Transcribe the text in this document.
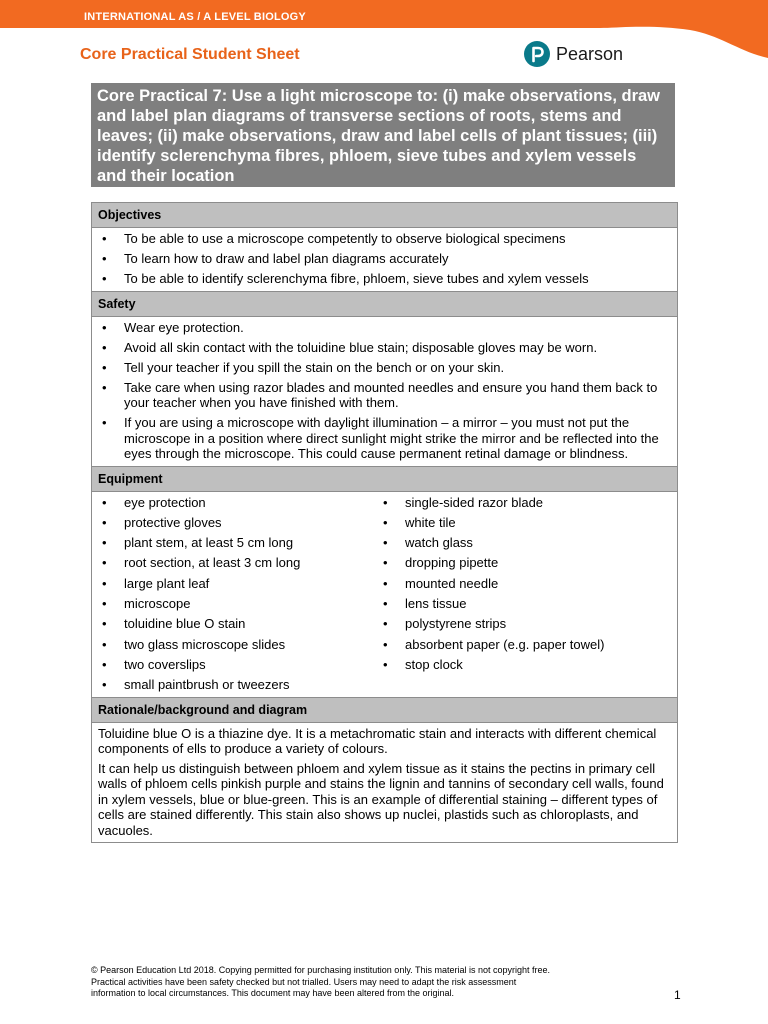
INTERNATIONAL AS / A LEVEL BIOLOGY
Core Practical Student Sheet	Pearson
Core Practical 7: Use a light microscope to: (i) make observations, draw and label plan diagrams of transverse sections of roots, stems and leaves; (ii) make observations, draw and label cells of plant tissues; (iii) identify sclerenchyma fibres, phloem, sieve tubes and xylem vessels and their location
Objectives
• To be able to use a microscope competently to observe biological specimens
• To learn how to draw and label plan diagrams accurately
• To be able to identify sclerenchyma fibre, phloem, sieve tubes and xylem vessels
Safety
• Wear eye protection.
• Avoid all skin contact with the toluidine blue stain; disposable gloves may be worn.
• Tell your teacher if you spill the stain on the bench or on your skin.
• Take care when using razor blades and mounted needles and ensure you hand them back to your teacher when you have finished with them.
• If you are using a microscope with daylight illumination – a mirror – you must not put the microscope in a position where direct sunlight might strike the mirror and be reflected into the eyes through the microscope. This could cause permanent retinal damage or blindness.
Equipment
• eye protection
• protective gloves
• plant stem, at least 5 cm long
• root section, at least 3 cm long
• large plant leaf
• microscope
• toluidine blue O stain
• two glass microscope slides
• two coverslips
• small paintbrush or tweezers
• single-sided razor blade
• white tile
• watch glass
• dropping pipette
• mounted needle
• lens tissue
• polystyrene strips
• absorbent paper (e.g. paper towel)
• stop clock
Rationale/background and diagram

Toluidine blue O is a thiazine dye. It is a metachromatic stain and interacts with different chemical components of ells to produce a variety of colours.

It can help us distinguish between phloem and xylem tissue as it stains the pectins in primary cell walls of phloem cells pinkish purple and stains the lignin and tannins of secondary cell walls, found in xylem vessels, blue or blue-green. This is an example of differential staining – different types of cells are stained differently. This stain also shows up nuclei, plastids such as chloroplasts, and vacuoles.

© Pearson Education Ltd 2018. Copying permitted for purchasing institution only. This material is not copyright free.
Practical activities have been safety checked but not trialled. Users may need to adapt the risk assessment
information to local circumstances. This document may have been altered from the original.	1
